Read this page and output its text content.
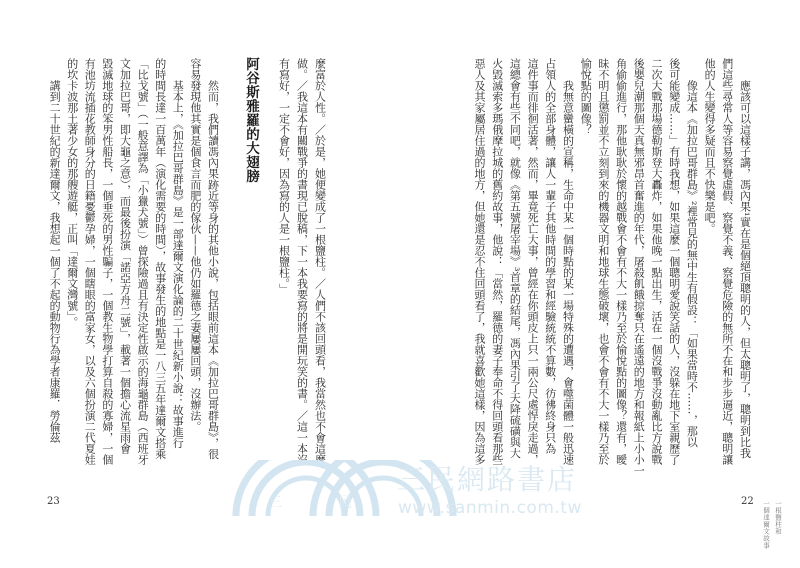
應該可以這樣子講，馮內果¹實在是個絕頂聰明的人，但太聰明了，聰明到比我
們這些尋常人等容易察覺虛假、察覺不義、察覺危險的無所不在和步步逼近，聰明讓
他的人生變得多疑而且不快樂是吧。
像這本《加拉巴哥群島》²裡常見的無中生有假設：「如果當時不……，那以
後可能變成……」有時我想，如果這麼一個聰明愛說笑話的人，沒躲在地下室親歷了
二次大戰那場德勒斯登大轟炸，如果他晚一點出生，活在一個沒戰爭沒動亂比方說戰
後嬰兒潮那個天真無邪昂首奮進的年代，屠殺飢餓掠奪只在遙遠的地方和報紙上小小一
角偷偷進行，那他耿耿於懷的越戰會不會有不大一樣乃至於愉悅點的圖像？還有，曖
昧不明且懲罰並不立刻到來的機器文明和地球生態破壞，也會不會有不大一樣乃至於
愉悅點的圖像？
我無意蠻橫的宣稱，生命中某一個時點的某一場特殊的遭遇，會噬菌體一般迅速
占領人的全部身體，讓人一輩子其他時間的學習和經驗統統不算數，彷彿終身只為
這件事而徘徊活著，然而，畢竟死亡大事，曾經在你頭皮上只一兩公尺處悍戾走過，
這總會有些不同吧，就像《第五號屠宰場》³首章的結尾，馮內果引了天降硫磺與大
火毀滅索多瑪俄摩拉城的舊約故事，他說：「當然，羅德的妻子奉命不得回頭看那些
惡人及其家屬居住過的地方，但她還是忍不住回頭看了，我就喜歡她這樣，因為這多
阿谷斯雅羅的大翅膀	麼富於人性。／於是，她便變成了一根鹽柱。／人們不該回頭看，我當然也不會這麼
做。／我這本有關戰爭的書現已脫稿，下一本我要寫的將是開玩笑的書。／這一本沒
有寫好，一定不會好，因為寫的人是一根鹽柱。」
然而，我們讀馮內果跡近等身的其他小說，包括眼前這本《加拉巴哥群島》，很
容易發現他其實是個食言而肥的傢伙——他仍如羅德之妻屢屢回頭，沒辦法。
基本上，《加拉巴哥群島》是一部達爾文演化論的二十世紀新小說：故事進行
的時間長達一百萬年（演化需要的時間），故事發生的地點是一八三五年達爾文搭乘
「比戈號」（一般意譯為「小獵犬號」）曾探險過且有決定性啟示的海龜群島（西班牙
文加拉巴哥，即大龜之意），而最後扮演「諾亞方舟二號」，載著一個擔心流星雨會
毀滅地球的笨男性船長，一個垂死的男性騙子，一個教生物學打算自殺的寡婦，一個
有池坊流插花教師身分的日籍憂鬱孕婦，一個瞎眼的富家女，以及六個扮演二代夏娃
的坎卡波那土著少女的那艘遊艇，正叫「達爾文灣號」。
講到二十世紀的新達爾文，我想起一個了不起的動物行為學者康羅．勞倫茲
22
23	一根鹽柱和
一個達爾文故事
三	民
三民網路書店
www.sanmin.com.tw
